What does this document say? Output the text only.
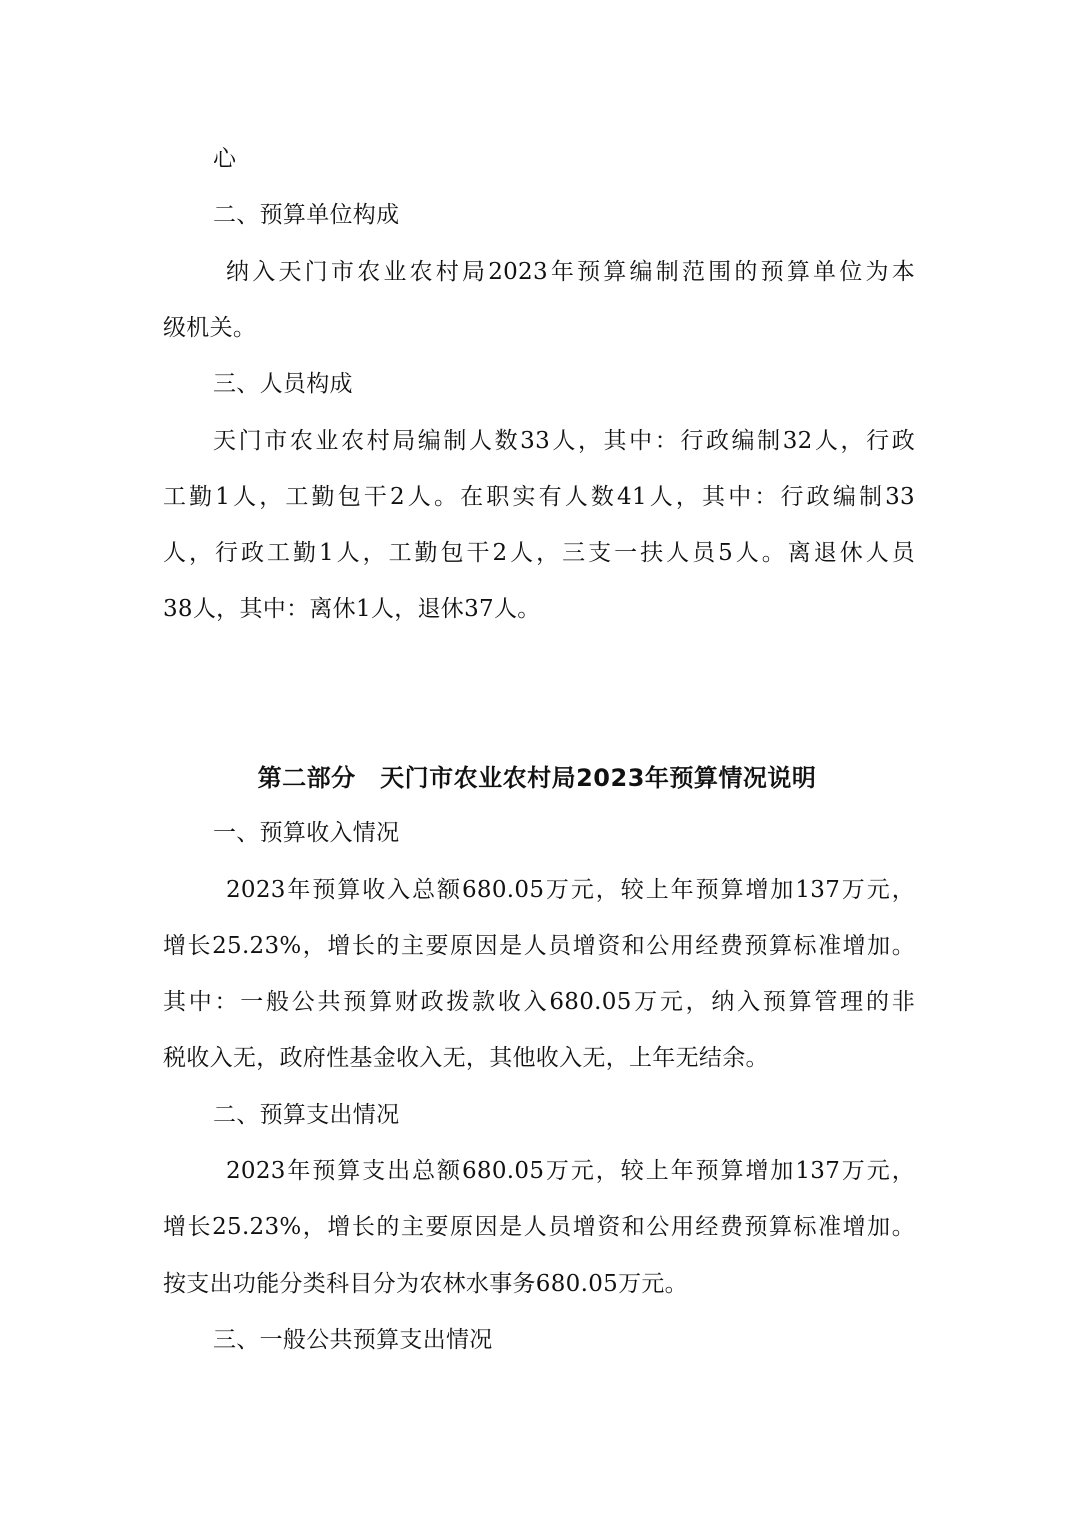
心
二、预算单位构成
纳入天门市农业农村局2023年预算编制范围的预算单位为本
级机关。
三、人员构成
天门市农业农村局编制人数33人，其中：行政编制32人，行政
工勤1人，工勤包干2人。在职实有人数41人，其中：行政编制33
人，行政工勤1人，工勤包干2人，三支一扶人员5人。离退休人员
38人，其中：离休1人，退休37人。
第二部分　天门市农业农村局2023年预算情况说明
一、预算收入情况
2023年预算收入总额680.05万元，较上年预算增加137万元，
增长25.23%，增长的主要原因是人员增资和公用经费预算标准增加。
其中：一般公共预算财政拨款收入680.05万元，纳入预算管理的非
税收入无，政府性基金收入无，其他收入无，上年无结余。
二、预算支出情况
2023年预算支出总额680.05万元，较上年预算增加137万元，
增长25.23%，增长的主要原因是人员增资和公用经费预算标准增加。
按支出功能分类科目分为农林水事务680.05万元。
三、一般公共预算支出情况
